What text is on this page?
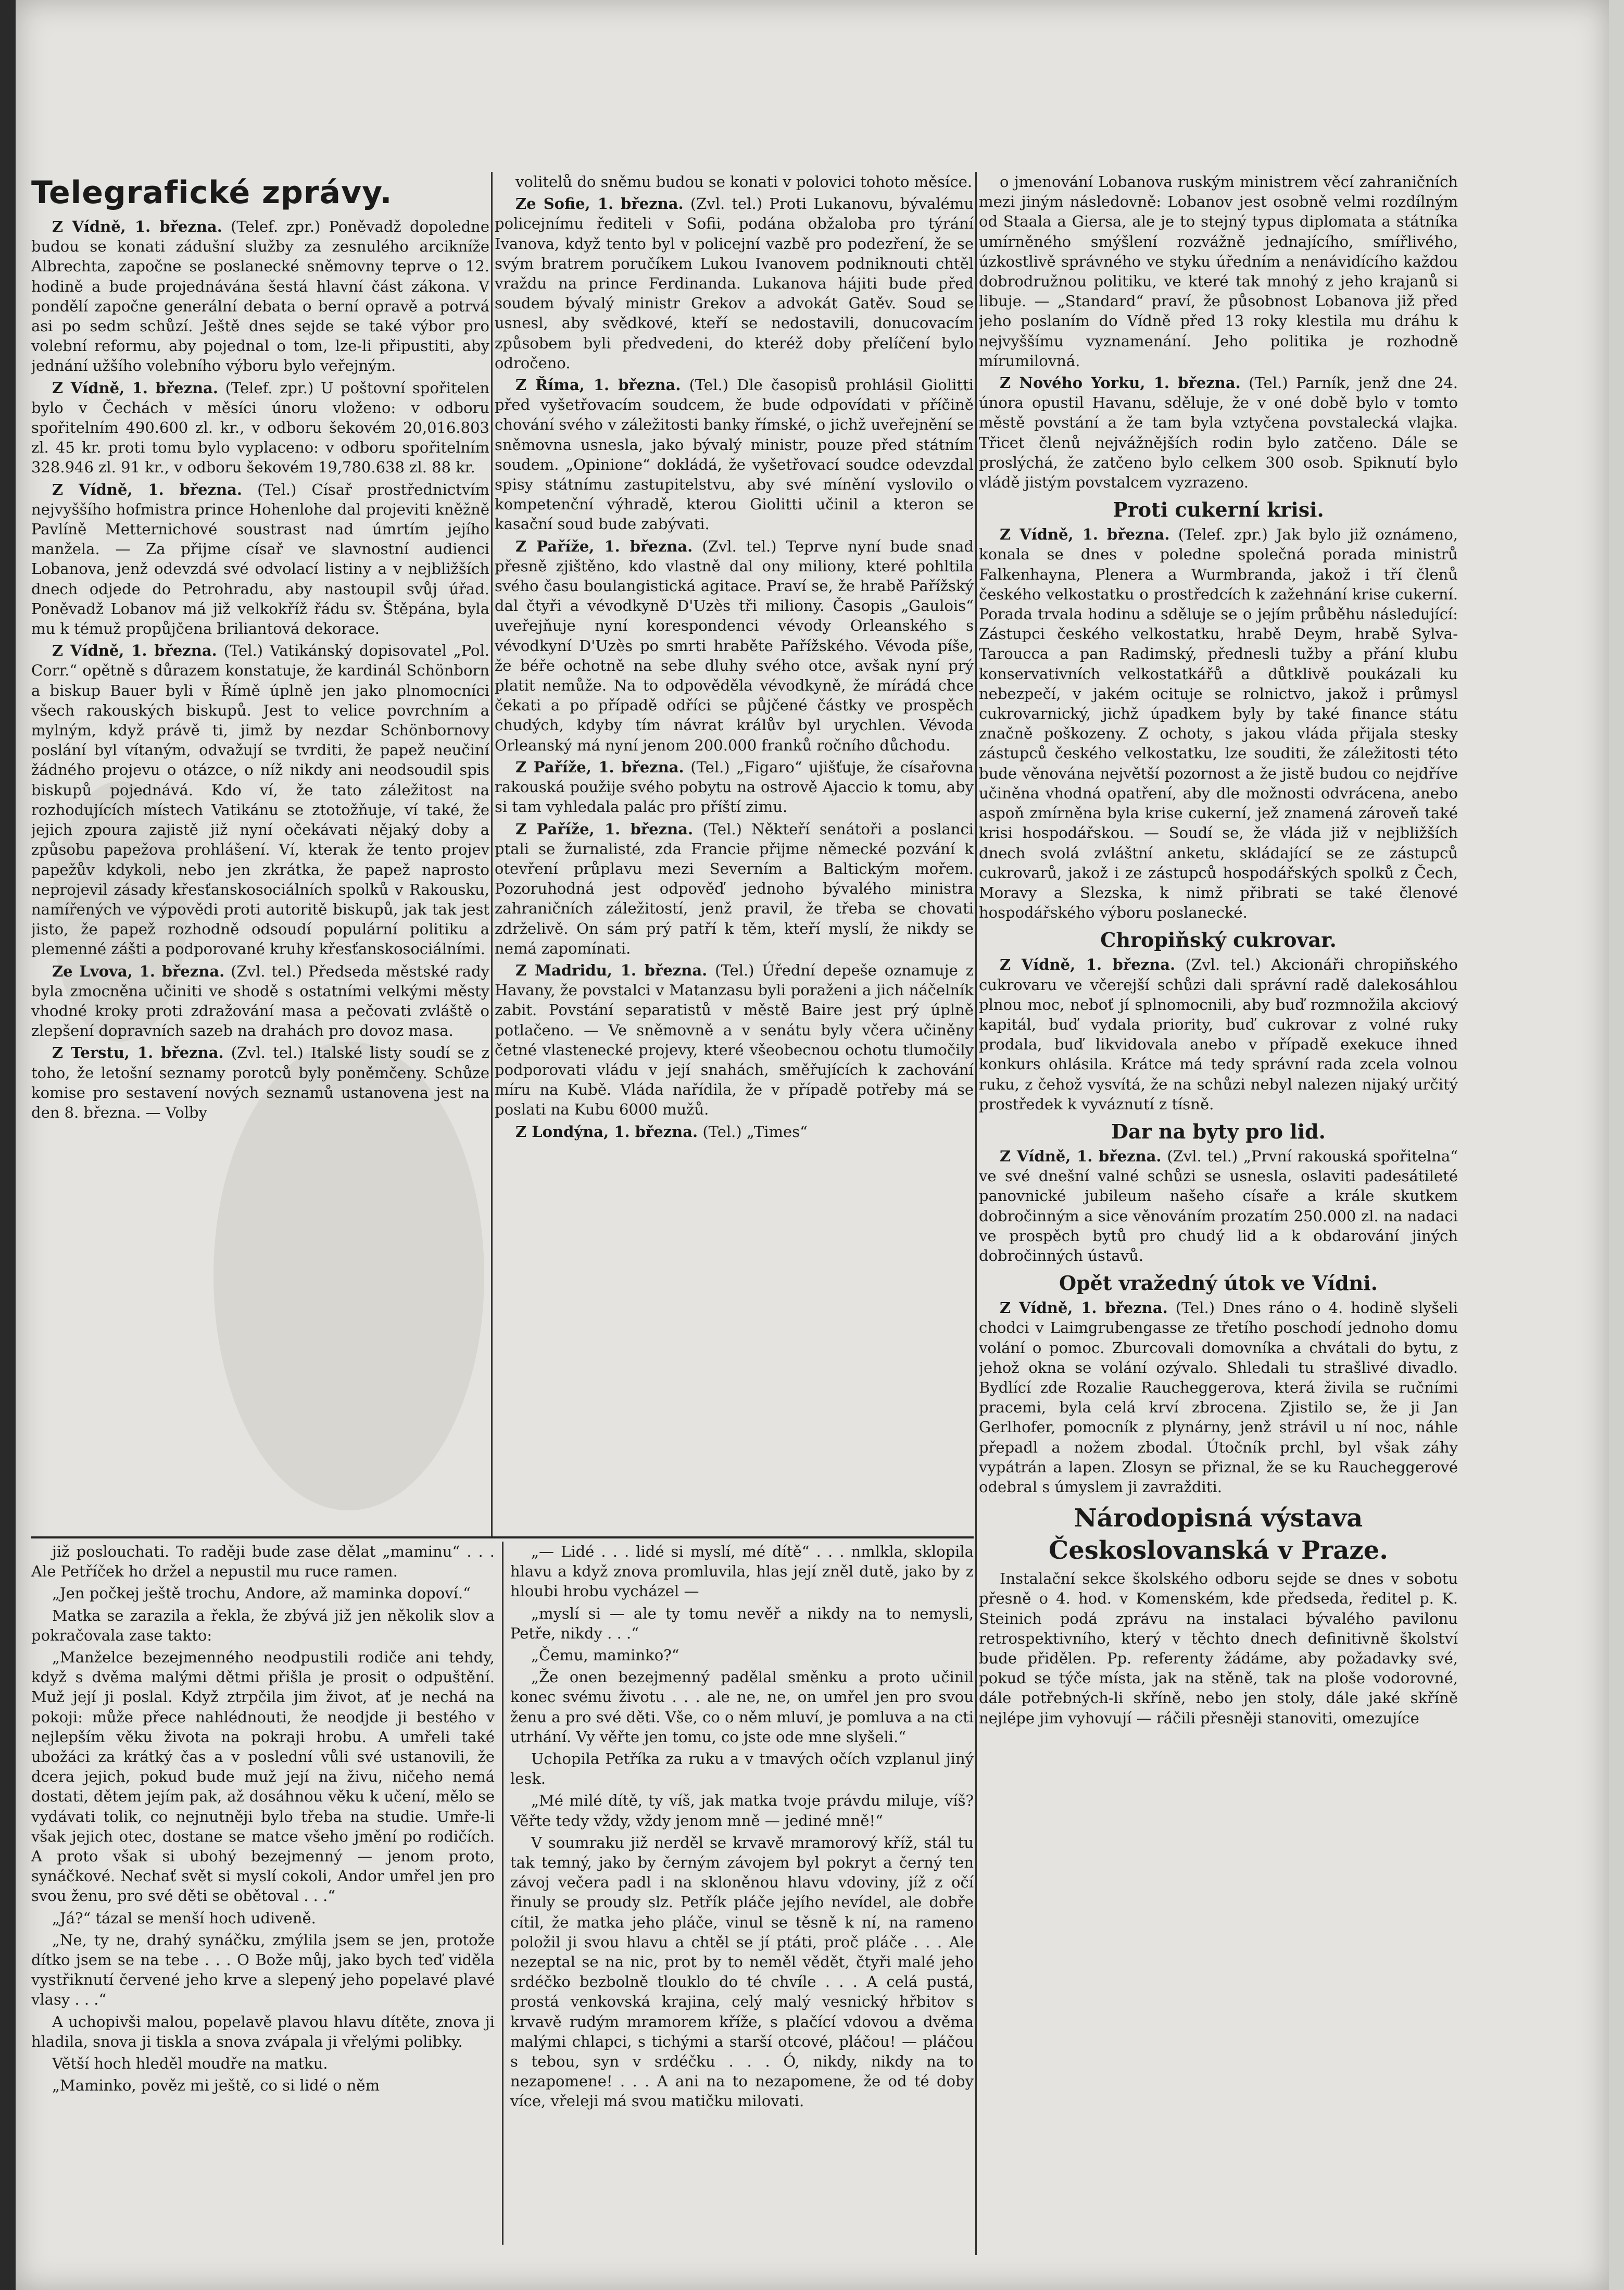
Telegrafické zprávy.

Z Vídně, 1. března. (Telef. zpr.) Poněvadž dopoledne budou se konati zádušní služby za zesnulého arcikníže Albrechta, započne se poslanecké sněmovny teprve o 12. hodině a bude projednávána šestá hlavní část zákona. V pondělí započne generální debata o berní opravě a potrvá asi po sedm schůzí. Ještě dnes sejde se také výbor pro volební reformu, aby pojednal o tom, lze-li připustiti, aby jednání užšího volebního výboru bylo veřejným.

Z Vídně, 1. března. (Telef. zpr.) U poštovní spořitelen bylo v Čechách v měsíci únoru vloženo: v odboru spořitelním 490.600 zl. kr., v odboru šekovém 20,016.803 zl. 45 kr. proti tomu bylo vyplaceno: v odboru spořitelním 328.946 zl. 91 kr., v odboru šekovém 19,780.638 zl. 88 kr.

Z Vídně, 1. března. (Tel.) Císař prostřednictvím nejvyššího hofmistra prince Hohenlohe dal projeviti kněžně Pavlíně Metternichové soustrast nad úmrtím jejího manžela. — Za přijme císař ve slavnostní audienci Lobanova, jenž odevzdá své odvolací listiny a v nejbližších dnech odjede do Petrohradu, aby nastoupil svůj úřad. Poněvadž Lobanov má již velkokříž řádu sv. Štěpána, byla mu k témuž propůjčena briliantová dekorace.

Z Vídně, 1. března. (Tel.) Vatikánský dopisovatel „Pol. Corr.“ opětně s důrazem konstatuje, že kardinál Schönborn a biskup Bauer byli v Římě úplně jen jako plnomocníci všech rakouských biskupů. Jest to velice povrchním a mylným, když právě ti, jimž by nezdar Schönbornovy poslání byl vítaným, odvažují se tvrditi, že papež neučiní žádného projevu o otázce, o níž nikdy ani neodsoudil spis biskupů pojednává. Kdo ví, že tato záležitost na rozhodujících místech Vatikánu se ztotožňuje, ví také, že jejich zpoura zajistě již nyní očekávati nějaký doby a způsobu papežova prohlášení. Ví, kterak že tento projev papežův kdykoli, nebo jen zkrátka, že papež naprosto neprojevil zásady křesťanskosociálních spolků v Rakousku, namířených ve výpovědi proti autoritě biskupů, jak tak jest jisto, že papež rozhodně odsoudí populární politiku a plemenné zášti a podporované kruhy křesťanskosociálními.

Ze Lvova, 1. března. (Zvl. tel.) Předseda městské rady byla zmocněna učiniti ve shodě s ostatními velkými městy vhodné kroky proti zdražování masa a pečovati zvláště o zlepšení dopravních sazeb na drahách pro dovoz masa.

Z Terstu, 1. března. (Zvl. tel.) Italské listy soudí se z toho, že letošní seznamy porotců byly poněmčeny. Schůze komise pro sestavení nových seznamů ustanovena jest na den 8. března. — Volby

volitelů do sněmu budou se konati v polovici tohoto měsíce.

Ze Sofie, 1. března. (Zvl. tel.) Proti Lukanovu, bývalému policejnímu řediteli v Sofii, podána obžaloba pro týrání Ivanova, když tento byl v policejní vazbě pro podezření, že se svým bratrem poručíkem Lukou Ivanovem podniknouti chtěl vraždu na prince Ferdinanda. Lukanova hájiti bude před soudem bývalý ministr Grekov a advokát Gatěv. Soud se usnesl, aby svědkové, kteří se nedostavili, donucovacím způsobem byli předvedeni, do kteréž doby přelíčení bylo odročeno.

Z Říma, 1. března. (Tel.) Dle časopisů prohlásil Giolitti před vyšetřovacím soudcem, že bude odpovídati v příčině chování svého v záležitosti banky římské, o jichž uveřejnění se sněmovna usnesla, jako bývalý ministr, pouze před státním soudem. „Opinione“ dokládá, že vyšetřovací soudce odevzdal spisy státnímu zastupitelstvu, aby své mínění vyslovilo o kompetenční výhradě, kterou Giolitti učinil a kteron se kasační soud bude zabývati.

Z Paříže, 1. března. (Zvl. tel.) Teprve nyní bude snad přesně zjištěno, kdo vlastně dal ony miliony, které pohltila svého času boulangistická agitace. Praví se, že hrabě Pařížský dal čtyři a vévodkyně D'Uzès tři miliony. Časopis „Gaulois“ uveřejňuje nyní korespondenci vévody Orleanského s vévodkyní D'Uzès po smrti hraběte Pařížského. Vévoda píše, že béře ochotně na sebe dluhy svého otce, avšak nyní prý platit nemůže. Na to odpověděla vévodkyně, že mírádá chce čekati a po případě odříci se půjčené částky ve prospěch chudých, kdyby tím návrat králův byl urychlen. Vévoda Orleanský má nyní jenom 200.000 franků ročního důchodu.

Z Paříže, 1. března. (Tel.) „Figaro“ ujišťuje, že císařovna rakouská použije svého pobytu na ostrově Ajaccio k tomu, aby si tam vyhledala palác pro příští zimu.

Z Paříže, 1. března. (Tel.) Někteří senátoři a poslanci ptali se žurnalisté, zda Francie přijme německé pozvání k otevření průplavu mezi Severním a Baltickým mořem. Pozoruhodná jest odpověď jednoho bývalého ministra zahraničních záležitostí, jenž pravil, že třeba se chovati zdrželivě. On sám prý patří k těm, kteří myslí, že nikdy se nemá zapomínati.

Z Madridu, 1. března. (Tel.) Úřední depeše oznamuje z Havany, že povstalci v Matanzasu byli poraženi a jich náčelník zabit. Povstání separatistů v městě Baire jest prý úplně potlačeno. — Ve sněmovně a v senátu byly včera učiněny četné vlastenecké projevy, které všeobecnou ochotu tlumočily podporovati vládu v její snahách, směřujících k zachování míru na Kubě. Vláda nařídila, že v případě potřeby má se poslati na Kubu 6000 mužů.

Z Londýna, 1. března. (Tel.) „Times“

o jmenování Lobanova ruským ministrem věcí zahraničních mezi jiným následovně: Lobanov jest osobně velmi rozdílným od Staala a Giersa, ale je to stejný typus diplomata a státníka umírněného smýšlení rozvážně jednajícího, smířlivého, úzkostlivě správného ve styku úředním a nenávidícího každou dobrodružnou politiku, ve které tak mnohý z jeho krajanů si libuje. — „Standard“ praví, že působnost Lobanova již před jeho poslaním do Vídně před 13 roky klestila mu dráhu k nejvyššímu vyznamenání. Jeho politika je rozhodně mírumilovná.

Z Nového Yorku, 1. března. (Tel.) Parník, jenž dne 24. února opustil Havanu, sděluje, že v oné době bylo v tomto městě povstání a že tam byla vztyčena povstalecká vlajka. Třicet členů nejvážnějších rodin bylo zatčeno. Dále se proslýchá, že zatčeno bylo celkem 300 osob. Spiknutí bylo vládě jistým povstalcem vyzrazeno.

Proti cukerní krisi.

Z Vídně, 1. března. (Telef. zpr.) Jak bylo již oznámeno, konala se dnes v poledne společná porada ministrů Falkenhayna, Plenera a Wurmbranda, jakož i tří členů českého velkostatku o prostředcích k zažehnání krise cukerní. Porada trvala hodinu a sděluje se o jejím průběhu následující: Zástupci českého velkostatku, hrabě Deym, hrabě Sylva-Taroucca a pan Radimský, přednesli tužby a přání klubu konservativních velkostatkářů a důtklivě poukázali ku nebezpečí, v jakém ocituje se rolnictvo, jakož i průmysl cukrovarnický, jichž úpadkem byly by také finance státu značně poškozeny. Z ochoty, s jakou vláda přijala stesky zástupců českého velkostatku, lze souditi, že záležitosti této bude věnována největší pozornost a že jistě budou co nejdříve učiněna vhodná opatření, aby dle možnosti odvrácena, anebo aspoň zmírněna byla krise cukerní, jež znamená zároveň také krisi hospodářskou. — Soudí se, že vláda již v nejbližších dnech svolá zvláštní anketu, skládající se ze zástupců cukrovarů, jakož i ze zástupců hospodářských spolků z Čech, Moravy a Slezska, k nimž přibrati se také členové hospodářského výboru poslanecké.

Chropiňský cukrovar.

Z Vídně, 1. března. (Zvl. tel.) Akcionáři chropiňského cukrovaru ve včerejší schůzi dali správní radě dalekosáhlou plnou moc, neboť jí splnomocnili, aby buď rozmnožila akciový kapitál, buď vydala priority, buď cukrovar z volné ruky prodala, buď likvidovala anebo v případě exekuce ihned konkurs ohlásila. Krátce má tedy správní rada zcela volnou ruku, z čehož vysvítá, že na schůzi nebyl nalezen nijaký určitý prostředek k vyváznutí z tísně.

Dar na byty pro lid.

Z Vídně, 1. března. (Zvl. tel.) „První rakouská spořitelna“ ve své dnešní valné schůzi se usnesla, oslaviti padesátileté panovnické jubileum našeho císaře a krále skutkem dobročinným a sice věnováním prozatím 250.000 zl. na nadaci ve prospěch bytů pro chudý lid a k obdarování jiných dobročinných ústavů.

Opět vražedný útok ve Vídni.

Z Vídně, 1. března. (Tel.) Dnes ráno o 4. hodině slyšeli chodci v Laimgrubengasse ze třetího poschodí jednoho domu volání o pomoc. Zburcovali domovníka a chvátali do bytu, z jehož okna se volání ozývalo. Shledali tu strašlivé divadlo. Bydlící zde Rozalie Raucheggerova, která živila se ručními pracemi, byla celá krví zbrocena. Zjistilo se, že ji Jan Gerlhofer, pomocník z plynárny, jenž strávil u ní noc, náhle přepadl a nožem zbodal. Útočník prchl, byl však záhy vypátrán a lapen. Zlosyn se přiznal, že se ku Raucheggerové odebral s úmyslem ji zavražditi.

Národopisná výstava Českoslovanská v Praze.

Instalační sekce školského odboru sejde se dnes v sobotu přesně o 4. hod. v Komenském, kde předseda, ředitel p. K. Steinich podá zprávu na instalaci bývalého pavilonu retrospektivního, který v těchto dnech definitivně školství bude přidělen. Pp. referenty žádáme, aby požadavky své, pokud se týče místa, jak na stěně, tak na ploše vodorovné, dále potřebných-li skříně, nebo jen stoly, dále jaké skříně nejlépe jim vyhovují — ráčili přesněji stanoviti, omezujíce

již poslouchati. To raději bude zase dělat „maminu“ . . . Ale Petříček ho držel a nepustil mu ruce ramen.

„Jen počkej ještě trochu, Andore, až maminka dopoví.“

Matka se zarazila a řekla, že zbývá již jen několik slov a pokračovala zase takto:

„Manželce bezejmenného neodpustili rodiče ani tehdy, když s dvěma malými dětmi přišla je prosit o odpuštění. Muž její ji poslal. Když ztrpčila jim život, ať je nechá na pokoji: může přece nahlédnouti, že neodjde ji bestého v nejlepším věku života na pokraji hrobu. A umřeli také ubožáci za krátký čas a v poslední vůli své ustanovili, že dcera jejich, pokud bude muž její na živu, ničeho nemá dostati, dětem jejím pak, až dosáhnou věku k učení, mělo se vydávati tolik, co nejnutněji bylo třeba na studie. Umře-li však jejich otec, dostane se matce všeho jmění po rodičích. A proto však si ubohý bezejmenný — jenom proto, synáčkové. Nechať svět si myslí cokoli, Andor umřel jen pro svou ženu, pro své děti se obětoval . . .“

„Já?“ tázal se menší hoch udiveně.

„Ne, ty ne, drahý synáčku, zmýlila jsem se jen, protože dítko jsem se na tebe . . . O Bože můj, jako bych teď viděla vystřiknutí červené jeho krve a slepený jeho popelavé plavé vlasy . . .“

A uchopivši malou, popelavě plavou hlavu dítěte, znova ji hladila, snova ji tiskla a snova zvápala ji vřelými polibky.

Větší hoch hleděl moudře na matku.

„Maminko, pověz mi ještě, co si lidé o něm

„— Lidé . . . lidé si myslí, mé dítě“ . . . nmlkla, sklopila hlavu a když znova promluvila, hlas její zněl dutě, jako by z hloubi hrobu vycházel —

„myslí si — ale ty tomu nevěř a nikdy na to nemysli, Petře, nikdy . . .“

„Čemu, maminko?“

„Že onen bezejmenný padělal směnku a proto učinil konec svému životu . . . ale ne, ne, on umřel jen pro svou ženu a pro své děti. Vše, co o něm mluví, je pomluva a na cti utrhání. Vy věřte jen tomu, co jste ode mne slyšeli.“

Uchopila Petříka za ruku a v tmavých očích vzplanul jiný lesk.

„Mé milé dítě, ty víš, jak matka tvoje právdu miluje, víš? Věřte tedy vždy, vždy jenom mně — jediné mně!“

V soumraku již nerděl se krvavě mramorový kříž, stál tu tak temný, jako by černým závojem byl pokryt a černý ten závoj večera padl i na skloněnou hlavu vdoviny, jíž z očí řinuly se proudy slz. Petřík pláče jejího nevídel, ale dobře cítil, že matka jeho pláče, vinul se těsně k ní, na rameno položil ji svou hlavu a chtěl se jí ptáti, proč pláče . . . Ale nezeptal se na nic, prot by to neměl vědět, čtyři malé jeho srdéčko bezbolně tlouklo do té chvíle . . . A celá pustá, prostá venkovská krajina, celý malý vesnický hřbitov s krvavě rudým mramorem kříže, s plačící vdovou a dvěma malými chlapci, s tichými a starší otcové, pláčou! — pláčou s tebou, syn v srdéčku . . . Ó, nikdy, nikdy na to nezapomene! . . . A ani na to nezapomene, že od té doby více, vřeleji má svou matičku milovati.
